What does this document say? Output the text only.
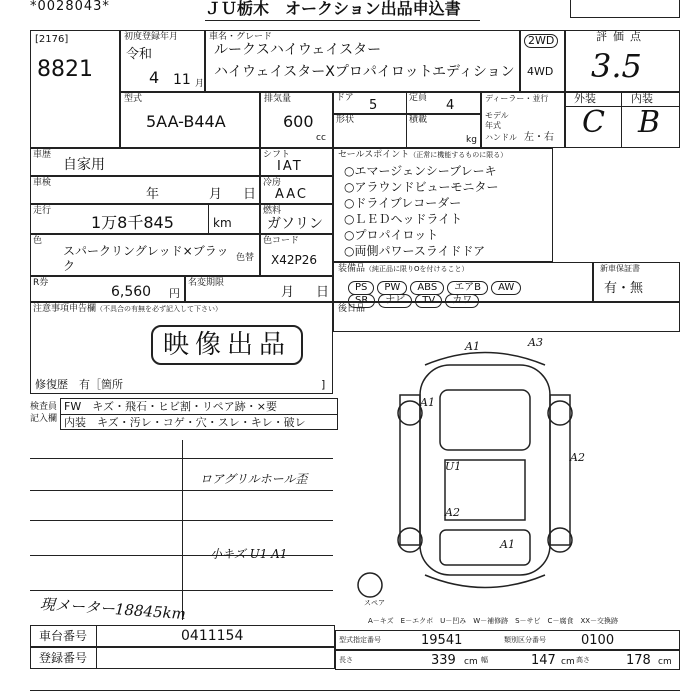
*0028043*	ＪＵ栃木　オークション出品申込書
[2176]
8821
初度登録年月
令和
4 11 月
車名・グレード
ルークスハイウェイスター
ハイウェイスターXプロパイロットエディション
2WD
4WD
評価点
3.5
型式
5AA-B44A
排気量
600
cc
ドア 5	定員 4
形状	積載
kg
ディーラー・並行
モデル年式
ハンドル 左・右
外装	内装
C B
車歴
自家用
車検
年	月 日
走行
1万8千845	km
色
スパークリングレッド×ブラック
色替
R券
6,560 円
名変期限
月 日
シフト
IAT
冷房
AAC
燃料
ガソリン
色コード
X42P26
セールスポイント（正常に機能するものに限る）
○エマージェンシーブレーキ
○アラウンドビューモニター
○ドライブレコーダー
○ＬＥＤヘッドライト
○プロパイロット
○両側パワースライドドア
装備品（純正品に限りOを付けること）
PS PW ABS エアB AW
SR ナビ TV カワ
新車保証書
有・無
注意事項申告欄（不具合の有無を必ず記入して下さい）
映像出品
修復歴 有［箇所	]
後日品
検査員
記入欄
FW　キズ・飛石・ヒビ割・リペア跡・×要
内装　キズ・汚レ・コゲ・穴・スレ・キレ・破レ
ロアグリルホール歪
小キズ U1 A1
現メーター18845km
A1	A3
A1
A2
U1
A2
A1
スペア
A－キズ　E－エクボ　U－凹み　W－補修跡　S－サビ　C－腐食　XX－交換跡
車台番号	0411154
登録番号
型式指定番号	19541	類別区分番号	0100
長さ	339 cm 幅	147 cm 高さ	178 cm
